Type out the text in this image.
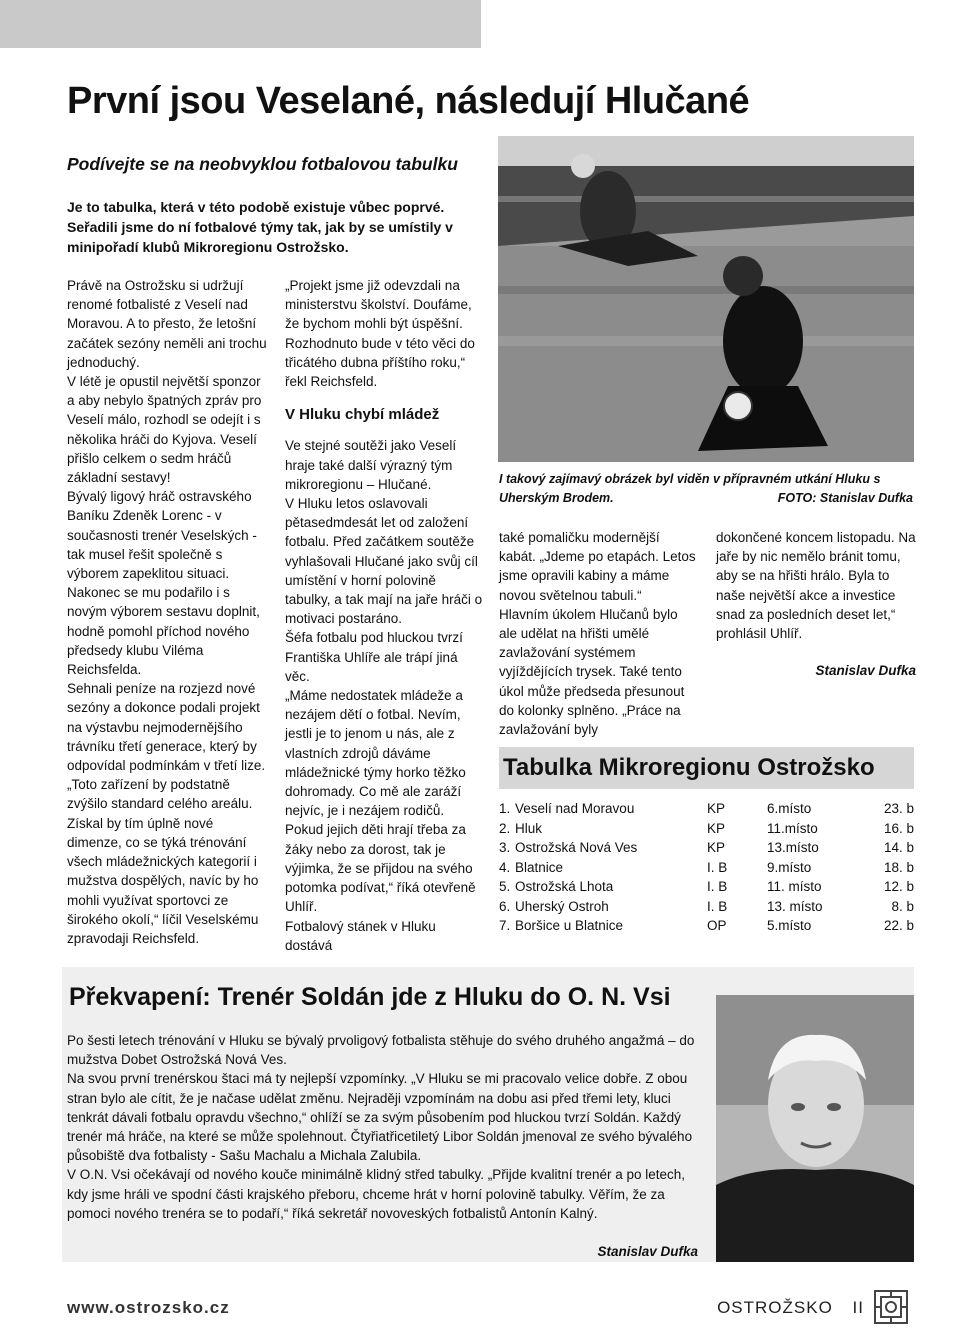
První jsou Veselané, následují Hlučané
Podívejte se na neobvyklou fotbalovou tabulku

Je to tabulka, která v této podobě existuje vůbec poprvé. Seřadili jsme do ní fotbalové týmy tak, jak by se umístily v minipořadí klubů Mikroregionu Ostrožsko.

Právě na Ostrožsku si udržují renomé fotbalisté z Veselí nad Moravou. A to přesto, že letošní začátek sezóny neměli ani trochu jednoduchý.

V létě je opustil největší sponzor a aby nebylo špatných zpráv pro Veselí málo, rozhodl se odejít i s několika hráči do Kyjova. Veselí přišlo celkem o sedm hráčů základní sestavy!

Bývalý ligový hráč ostravského Baníku Zdeněk Lorenc - v současnosti trenér Veselských - tak musel řešit společně s výborem zapeklitou situaci. Nakonec se mu podařilo i s novým výborem sestavu doplnit, hodně pomohl příchod nového předsedy klubu Viléma Reichsfelda.

Sehnali peníze na rozjezd nové sezóny a dokonce podali projekt na výstavbu nejmodernějšího trávníku třetí generace, který by odpovídal podmínkám v třetí lize.

„Toto zařízení by podstatně zvýšilo standard celého areálu. Získal by tím úplně nové dimenze, co se týká trénování všech mládežnických kategorií i mužstva dospělých, navíc by ho mohli využívat sportovci ze širokého okolí,“ líčil Veselskému zpravodaji Reichsfeld.

„Projekt jsme již odevzdali na ministerstvu školství. Doufáme, že bychom mohli být úspěšní. Rozhodnuto bude v této věci do třicátého dubna příštího roku,“ řekl Reichsfeld.

V Hluku chybí mládež

Ve stejné soutěži jako Veselí hraje také další výrazný tým mikroregionu – Hlučané.

V Hluku letos oslavovali pětasedmdesát let od založení fotbalu. Před začátkem soutěže vyhlašovali Hlučané jako svůj cíl umístění v horní polovině tabulky, a tak mají na jaře hráči o motivaci postaráno.

Šéfa fotbalu pod hluckou tvrzí Františka Uhlíře ale trápí jiná věc.

„Máme nedostatek mládeže a nezájem dětí o fotbal. Nevím, jestli je to jenom u nás, ale z vlastních zdrojů dáváme mládežnické týmy horko těžko dohromady. Co mě ale zaráží nejvíc, je i nezájem rodičů. Pokud jejich děti hrají třeba za žáky nebo za dorost, tak je výjimka, že se přijdou na svého potomka podívat,“ říká otevřeně Uhlíř.

Fotbalový stánek v Hluku dostává

I takový zajímavý obrázek byl viděn v přípravném utkání Hluku s Uherským Brodem.	FOTO: Stanislav Dufka

také pomaličku modernější kabát. „Jdeme po etapách. Letos jsme opravili kabiny a máme novou světelnou tabuli.“

Hlavním úkolem Hlučanů bylo ale udělat na hřišti umělé zavlažování systémem vyjíždějících trysek. Také tento úkol může předseda přesunout do kolonky splněno. „Práce na zavlažování byly

dokončené koncem listopadu. Na jaře by nic nemělo bránit tomu, aby se na hřišti hrálo. Byla to naše největší akce a investice snad za posledních deset let,“ prohlásil Uhlíř.

Stanislav Dufka

Tabulka Mikroregionu Ostrožsko
1.	Veselí nad Moravou	KP	6.místo	23. b
2.	Hluk	KP	11.místo	16. b
3.	Ostrožská Nová Ves	KP	13.místo	14. b
4.	Blatnice	I. B	9.místo	18. b
5.	Ostrožská Lhota	I. B	11. místo	12. b
6.	Uherský Ostroh	I. B	13. místo	8. b
7.	Boršice u Blatnice	OP	5.místo	22. b
Překvapení: Trenér Soldán jde z Hluku do O. N. Vsi

Po šesti letech trénování v Hluku se bývalý prvoligový fotbalista stěhuje do svého druhého angažmá – do mužstva Dobet Ostrožská Nová Ves.

Na svou první trenérskou štaci má ty nejlepší vzpomínky. „V Hluku se mi pracovalo velice dobře. Z obou stran bylo ale cítit, že je načase udělat změnu. Nejraději vzpomínám na dobu asi před třemi lety, kluci tenkrát dávali fotbalu opravdu všechno,“ ohlíží se za svým působením pod hluckou tvrzí Soldán. Každý trenér má hráče, na které se může spolehnout. Čtyřiatřicetiletý Libor Soldán jmenoval ze svého bývalého působiště dva fotbalisty - Sašu Machalu a Michala Zalubila.

V O.N. Vsi očekávají od nového kouče minimálně klidný střed tabulky. „Přijde kvalitní trenér a po letech, kdy jsme hráli ve spodní části krajského přeboru, chceme hrát v horní polovině tabulky. Věřím, že za pomoci nového trenéra se to podaří,“ říká sekretář novoveských fotbalistů Antonín Kalný.

Stanislav Dufka

www.ostrozsko.cz	OSTROŽSKO II
